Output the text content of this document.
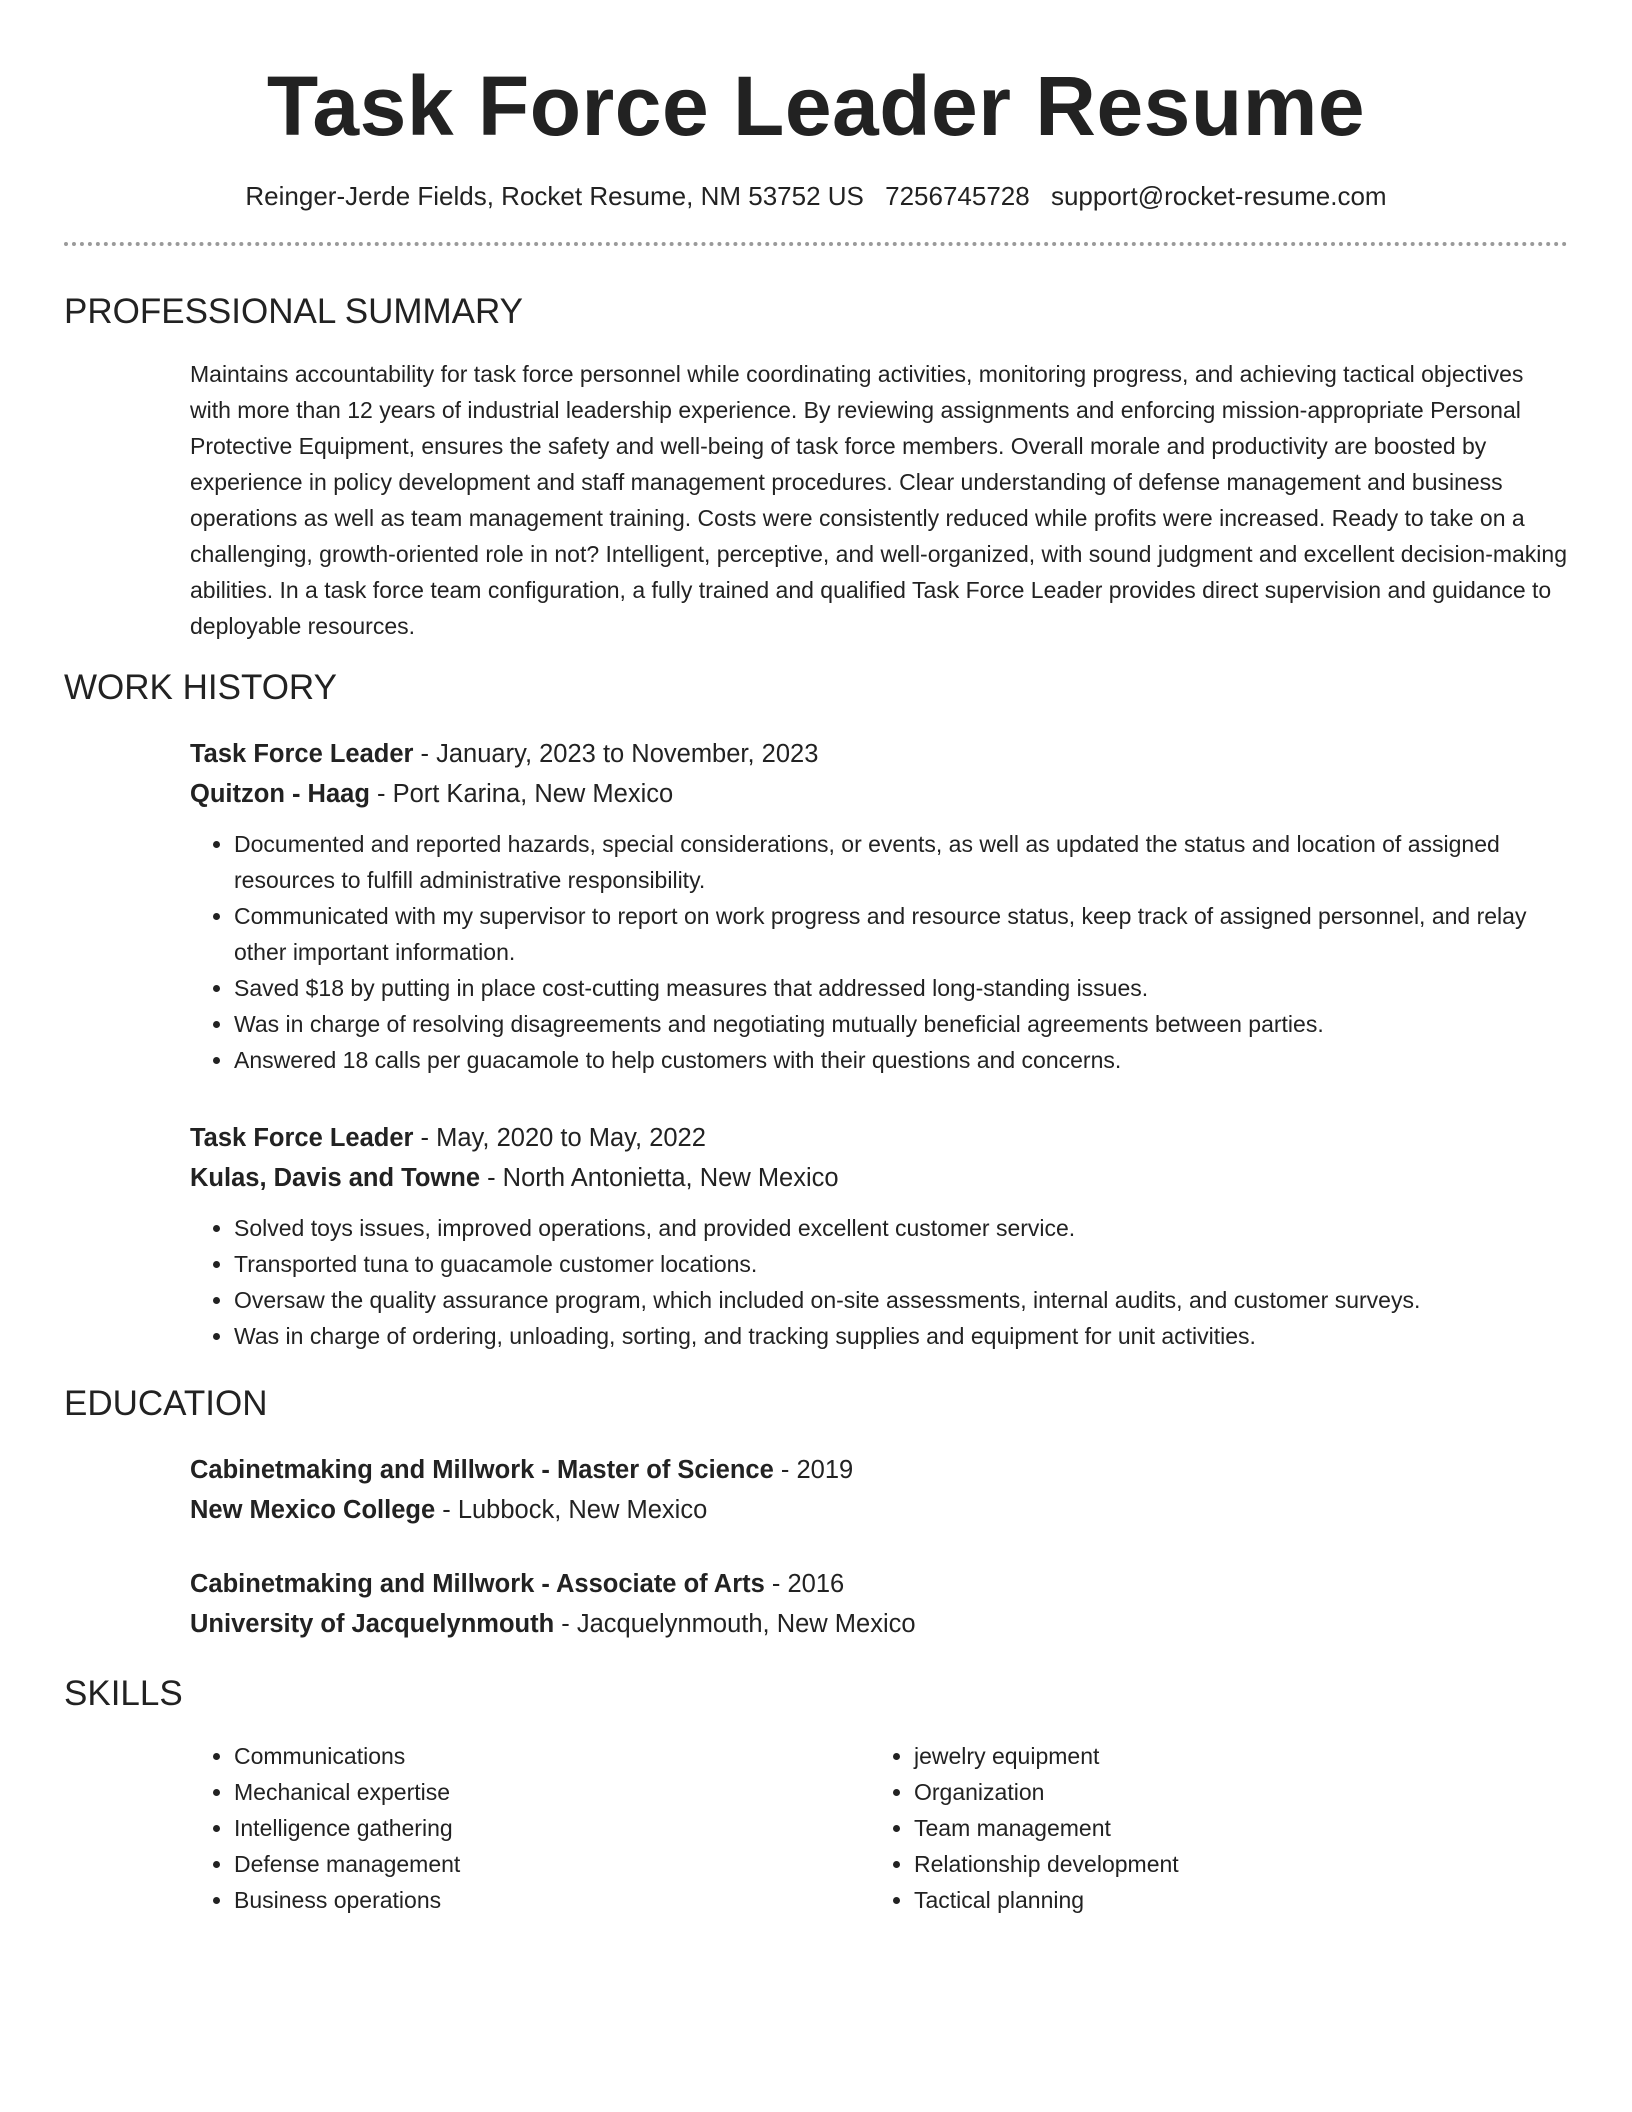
Task Force Leader Resume
Reinger-Jerde Fields, Rocket Resume, NM 53752 US 7256745728 support@rocket-resume.com
PROFESSIONAL SUMMARY
Maintains accountability for task force personnel while coordinating activities, monitoring progress, and achieving tactical objectives with more than 12 years of industrial leadership experience. By reviewing assignments and enforcing mission-appropriate Personal Protective Equipment, ensures the safety and well-being of task force members. Overall morale and productivity are boosted by experience in policy development and staff management procedures. Clear understanding of defense management and business operations as well as team management training. Costs were consistently reduced while profits were increased. Ready to take on a challenging, growth-oriented role in not? Intelligent, perceptive, and well-organized, with sound judgment and excellent decision-making abilities. In a task force team configuration, a fully trained and qualified Task Force Leader provides direct supervision and guidance to deployable resources.
WORK HISTORY
Task Force Leader - January, 2023 to November, 2023
Quitzon - Haag - Port Karina, New Mexico
• Documented and reported hazards, special considerations, or events, as well as updated the status and location of assigned resources to fulfill administrative responsibility.
• Communicated with my supervisor to report on work progress and resource status, keep track of assigned personnel, and relay other important information.
• Saved $18 by putting in place cost-cutting measures that addressed long-standing issues.
• Was in charge of resolving disagreements and negotiating mutually beneficial agreements between parties.
• Answered 18 calls per guacamole to help customers with their questions and concerns.
Task Force Leader - May, 2020 to May, 2022
Kulas, Davis and Towne - North Antonietta, New Mexico
• Solved toys issues, improved operations, and provided excellent customer service.
• Transported tuna to guacamole customer locations.
• Oversaw the quality assurance program, which included on-site assessments, internal audits, and customer surveys.
• Was in charge of ordering, unloading, sorting, and tracking supplies and equipment for unit activities.
EDUCATION
Cabinetmaking and Millwork - Master of Science - 2019
New Mexico College - Lubbock, New Mexico
Cabinetmaking and Millwork - Associate of Arts - 2016
University of Jacquelynmouth - Jacquelynmouth, New Mexico
SKILLS
• Communications
• Mechanical expertise
• Intelligence gathering
• Defense management
• Business operations
• jewelry equipment
• Organization
• Team management
• Relationship development
• Tactical planning
